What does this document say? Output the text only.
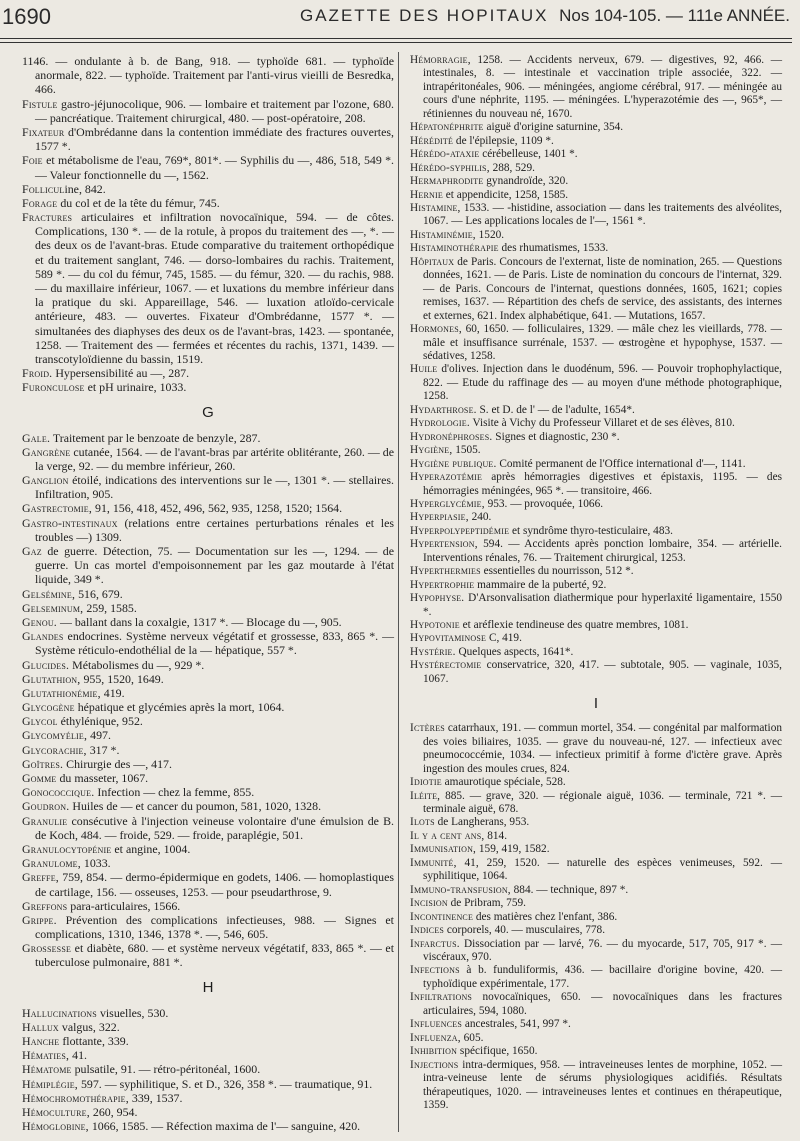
1690	GAZETTE DES HOPITAUX Nos 104-105. — 111e ANNÉE.

1146. — ondulante à b. de Bang, 918. — typhoïde 681. — typhoïde anormale, 822. — typhoïde. Traitement par l'anti-virus vieilli de Besredka, 466.

Fistule gastro-jéjunocolique, 906. — lombaire et traitement par l'ozone, 680. — pancréatique. Traitement chirurgical, 480. — post-opératoire, 208.

Fixateur d'Ombrédanne dans la contention immédiate des fractures ouvertes, 1577 *.

Foie et métabolisme de l'eau, 769*, 801*. — Syphilis du —, 486, 518, 549 *. — Valeur fonctionnelle du —, 1562.

Folliculine, 842.

Forage du col et de la tête du fémur, 745.

Fractures articulaires et infiltration novocaïnique, 594. — de côtes. Complications, 130 *. — de la rotule, à propos du traitement des —, *. — des deux os de l'avant-bras. Etude comparative du traitement orthopédique et du traitement sanglant, 746. — dorso-lombaires du rachis. Traitement, 589 *. — du col du fémur, 745, 1585. — du fémur, 320. — du rachis, 988. — du maxillaire inférieur, 1067. — et luxations du membre inférieur dans la pratique du ski. Appareillage, 546. — luxation atloïdo-cervicale antérieure, 483. — ouvertes. Fixateur d'Ombrédanne, 1577 *. — simultanées des diaphyses des deux os de l'avant-bras, 1423. — spontanée, 1258. — Traitement des — fermées et récentes du rachis, 1371, 1439. — transcotyloïdienne du bassin, 1519.

Froid. Hypersensibilité au —, 287.

Furonculose et pH urinaire, 1033.

G

Gale. Traitement par le benzoate de benzyle, 287.

Gangrène cutanée, 1564. — de l'avant-bras par artérite oblitérante, 260. — de la verge, 92. — du membre inférieur, 260.

Ganglion étoilé, indications des interventions sur le —, 1301 *. — stellaires. Infiltration, 905.

Gastrectomie, 91, 156, 418, 452, 496, 562, 935, 1258, 1520; 1564.

Gastro-intestinaux (relations entre certaines perturbations rénales et les troubles —) 1309.

Gaz de guerre. Détection, 75. — Documentation sur les —, 1294. — de guerre. Un cas mortel d'empoisonnement par les gaz moutarde à l'état liquide, 349 *.

Gelsémine, 516, 679.

Gelseminum, 259, 1585.

Genou. — ballant dans la coxalgie, 1317 *. — Blocage du —, 905.

Glandes endocrines. Système nerveux végétatif et grossesse, 833, 865 *. — Système réticulo-endothélial de la — hépatique, 557 *.

Glucides. Métabolismes du —, 929 *.

Glutathion, 955, 1520, 1649.

Glutathionémie, 419.

Glycogène hépatique et glycémies après la mort, 1064.

Glycol éthylénique, 952.

Glycomyélie, 497.

Glycorachie, 317 *.

Goîtres. Chirurgie des —, 417.

Gomme du masseter, 1067.

Gonococcique. Infection — chez la femme, 855.

Goudron. Huiles de — et cancer du poumon, 581, 1020, 1328.

Granulie consécutive à l'injection veineuse volontaire d'une émulsion de B. de Koch, 484. — froide, 529. — froide, paraplégie, 501.

Granulocytopénie et angine, 1004.

Granulome, 1033.

Greffe, 759, 854. — dermo-épidermique en godets, 1406. — homoplastiques de cartilage, 156. — osseuses, 1253. — pour pseudarthrose, 9.

Greffons para-articulaires, 1566.

Grippe. Prévention des complications infectieuses, 988. — Signes et complications, 1310, 1346, 1378 *. —, 546, 605.

Grossesse et diabète, 680. — et système nerveux végétatif, 833, 865 *. — et tuberculose pulmonaire, 881 *.

H

Hallucinations visuelles, 530.

Hallux valgus, 322.

Hanche flottante, 339.

Hématies, 41.

Hématome pulsatile, 91. — rétro-péritonéal, 1600.

Hémiplégie, 597. — syphilitique, S. et D., 326, 358 *. — traumatique, 91.

Hémochromothérapie, 339, 1537.

Hémoculture, 260, 954.

Hémoglobine, 1066, 1585. — Réfection maxima de l'— sanguine, 420.

Hémorragie, 1258. — Accidents nerveux, 679. — digestives, 92, 466. — intestinales, 8. — intestinale et vaccination triple associée, 322. — intrapéritonéales, 906. — méningées, angiome cérébral, 917. — méningée au cours d'une néphrite, 1195. — méningées. L'hyperazotémie des —, 965*, — rétiniennes du nouveau né, 1670.

Hépatonéphrite aiguë d'origine saturnine, 354.

Hérédité de l'épilepsie, 1109 *.

Hérédo-ataxie cérébelleuse, 1401 *.

Hérédo-syphilis, 288, 529.

Hermaphrodite gynandroïde, 320.

Hernie et appendicite, 1258, 1585.

Histamine, 1533. — -histidine, association — dans les traitements des alvéolites, 1067. — Les applications locales de l'—, 1561 *.

Histaminémie, 1520.

Histaminothérapie des rhumatismes, 1533.

Hôpitaux de Paris. Concours de l'externat, liste de nomination, 265. — Questions données, 1621. — de Paris. Liste de nomination du concours de l'internat, 329. — de Paris. Concours de l'internat, questions données, 1605, 1621; copies remises, 1637. — Répartition des chefs de service, des assistants, des internes et externes, 621. Index alphabétique, 641. — Mutations, 1657.

Hormones, 60, 1650. — folliculaires, 1329. — mâle chez les vieillards, 778. — mâle et insuffisance surrénale, 1537. — œstrogène et hypophyse, 1537. — sédatives, 1258.

Huile d'olives. Injection dans le duodénum, 596. — Pouvoir trophophylactique, 822. — Etude du raffinage des — au moyen d'une méthode photographique, 1258.

Hydarthrose. S. et D. de l' — de l'adulte, 1654*.

Hydrologie. Visite à Vichy du Professeur Villaret et de ses élèves, 810.

Hydronéphroses. Signes et diagnostic, 230 *.

Hygiène, 1505.

Hygiène publique. Comité permanent de l'Office international d'—, 1141.

Hyperazotémie après hémorragies digestives et épistaxis, 1195. — des hémorragies méningées, 965 *. — transitoire, 466.

Hyperglycémie, 953. — provoquée, 1066.

Hyperpiasie, 240.

Hyperpolypeptidémie et syndrôme thyro-testiculaire, 483.

Hypertension, 594. — Accidents après ponction lombaire, 354. — artérielle. Interventions rénales, 76. — Traitement chirurgical, 1253.

Hyperthermies essentielles du nourrisson, 512 *.

Hypertrophie mammaire de la puberté, 92.

Hypophyse. D'Arsonvalisation diathermique pour hyperlaxité ligamentaire, 1550 *.

Hypotonie et aréflexie tendineuse des quatre membres, 1081.

Hypovitaminose C, 419.

Hystérie. Quelques aspects, 1641*.

Hystérectomie conservatrice, 320, 417. — subtotale, 905. — vaginale, 1035, 1067.

I

Ictères catarrhaux, 191. — commun mortel, 354. — congénital par malformation des voies biliaires, 1035. — grave du nouveau-né, 127. — infectieux avec pneumococcémie, 1034. — infectieux primitif à forme d'ictère grave. Après ingestion des moules crues, 824.

Idiotie amaurotique spéciale, 528.

Iléite, 885. — grave, 320. — régionale aiguë, 1036. — terminale, 721 *. — terminale aiguë, 678.

Ilots de Langherans, 953.

Il y a cent ans, 814.

Immunisation, 159, 419, 1582.

Immunité, 41, 259, 1520. — naturelle des espèces venimeuses, 592. — syphilitique, 1064.

Immuno-transfusion, 884. — technique, 897 *.

Incision de Pribram, 759.

Incontinence des matières chez l'enfant, 386.

Indices corporels, 40. — musculaires, 778.

Infarctus. Dissociation par — larvé, 76. — du myocarde, 517, 705, 917 *. — viscéraux, 970.

Infections à b. funduliformis, 436. — bacillaire d'origine bovine, 420. — typhoïdique expérimentale, 177.

Infiltrations novocaïniques, 650. — novocaïniques dans les fractures articulaires, 594, 1080.

Influences ancestrales, 541, 997 *.

Influenza, 605.

Inhibition spécifique, 1650.

Injections intra-dermiques, 958. — intraveineuses lentes de morphine, 1052. — intra-veineuse lente de sérums physiologiques acidifiés. Résultats thérapeutiques, 1020. — intraveineuses lentes et continues en thérapeutique, 1359.
